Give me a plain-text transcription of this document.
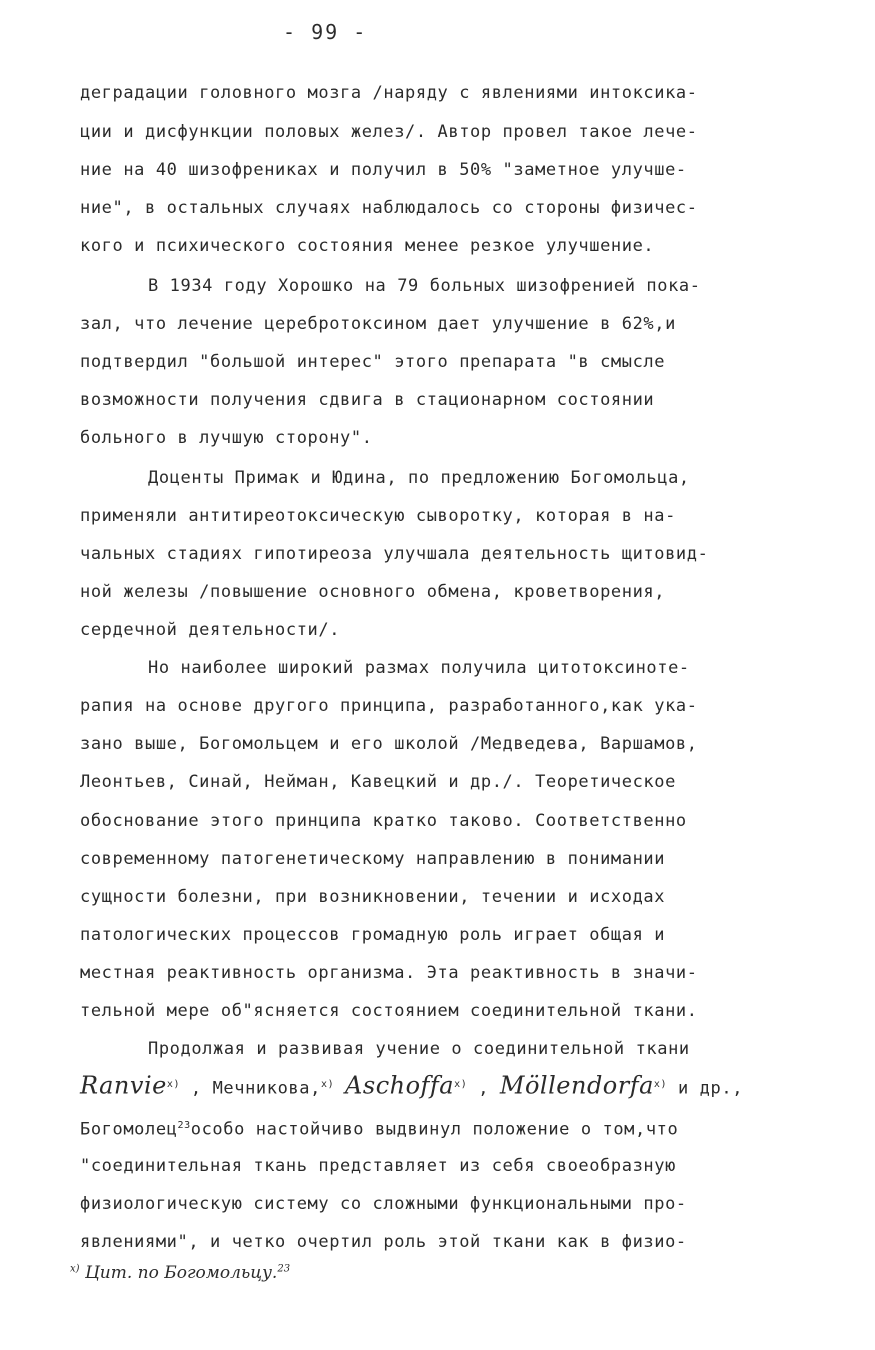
- 99 -
деградации головного мозга /наряду с явлениями интоксика-
ции и дисфункции половых желез/. Автор провел такое лече-
ние на 40 шизофрениках и получил в 50% "заметное улучше-
ние", в остальных случаях наблюдалось со стороны физичес-
кого и психического состояния менее резкое улучшение.
В 1934 году Хорошко на 79 больных шизофренией пока-
зал, что лечение церебротоксином дает улучшение в 62%,и
подтвердил "большой интерес" этого препарата "в смысле
возможности получения сдвига в стационарном состоянии
больного в лучшую сторону".
Доценты Примак и Юдина, по предложению Богомольца,
применяли антитиреотоксическую сыворотку, которая в на-
чальных стадиях гипотиреоза улучшала деятельность щитовид-
ной железы /повышение основного обмена, кроветворения,
сердечной деятельности/.
Но наиболее широкий размах получила цитотоксиноте-
рапия на основе другого принципа, разработанного,как ука-
зано выше, Богомольцем и его школой /Медведева, Варшамов,
Леонтьев, Синай, Нейман, Кавецкий и др./. Теоретическое
обоснование этого принципа кратко таково. Соответственно
современному патогенетическому направлению в понимании
сущности болезни, при возникновении, течении и исходах
патологических процессов громадную роль играет общая и
местная реактивность организма. Эта реактивность в значи-
тельной мере об"ясняется состоянием соединительной ткани.
Продолжая и развивая учение о соединительной ткани
Ranvie$^{x)}$ , Мечникова,$^{x)}$ Aschoffa$^{x)}$ , Möllendorfa$^{x)}$ и др.,
Богомолец$^{23}$особо настойчиво выдвинул положение о том,что
"соединительная ткань представляет из себя своеобразную
физиологическую систему со сложными функциональными про-
явлениями", и четко очертил роль этой ткани как в физио-
$^{x)}$ Цит. по Богомольцу.$^{23}$
